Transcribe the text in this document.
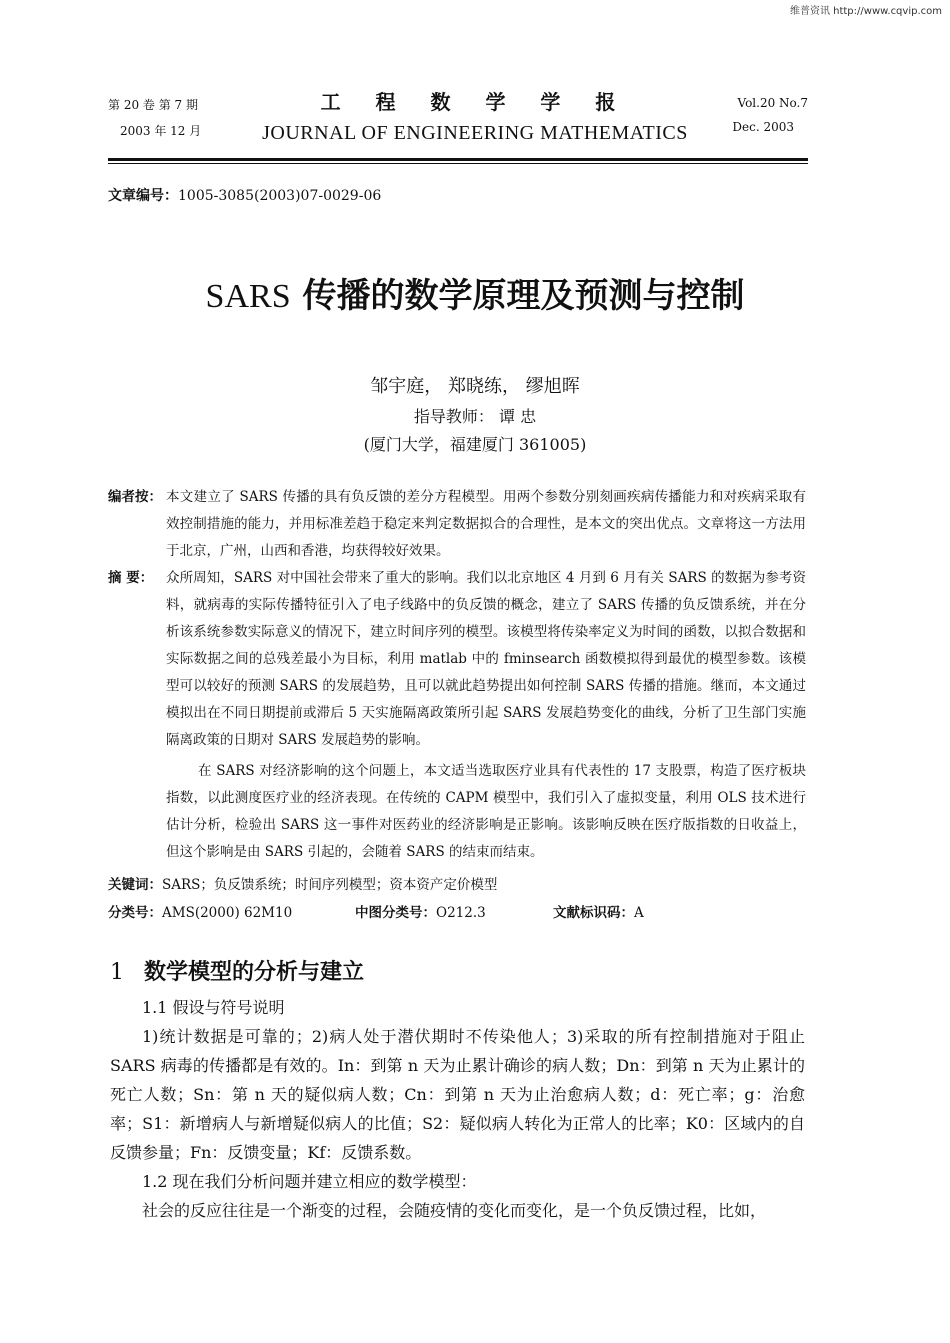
维普资讯 http://www.cqvip.com
第 20 卷 第 7 期
2003 年 12 月
工 程 数 学 学 报
JOURNAL OF ENGINEERING MATHEMATICS
Vol.20 No.7
Dec. 2003
文章编号：1005-3085(2003)07-0029-06
SARS 传播的数学原理及预测与控制
邹宇庭， 郑晓练， 缪旭晖
指导教师： 谭 忠
(厦门大学，福建厦门 361005)
编者按： 本文建立了 SARS 传播的具有负反馈的差分方程模型。用两个参数分别刻画疾病传播能力和对疾病采取有效控制措施的能力，并用标准差趋于稳定来判定数据拟合的合理性，是本文的突出优点。文章将这一方法用于北京，广州，山西和香港，均获得较好效果。
摘 要： 众所周知，SARS 对中国社会带来了重大的影响。我们以北京地区 4 月到 6 月有关 SARS 的数据为参考资料，就病毒的实际传播特征引入了电子线路中的负反馈的概念，建立了 SARS 传播的负反馈系统，并在分析该系统参数实际意义的情况下，建立时间序列的模型。该模型将传染率定义为时间的函数，以拟合数据和实际数据之间的总残差最小为目标，利用 matlab 中的 fminsearch 函数模拟得到最优的模型参数。该模型可以较好的预测 SARS 的发展趋势，且可以就此趋势提出如何控制 SARS 传播的措施。继而，本文通过模拟出在不同日期提前或滞后 5 天实施隔离政策所引起 SARS 发展趋势变化的曲线，分析了卫生部门实施隔离政策的日期对 SARS 发展趋势的影响。
在 SARS 对经济影响的这个问题上，本文适当选取医疗业具有代表性的 17 支股票，构造了医疗板块指数，以此测度医疗业的经济表现。在传统的 CAPM 模型中，我们引入了虚拟变量，利用 OLS 技术进行估计分析，检验出 SARS 这一事件对医药业的经济影响是正影响。该影响反映在医疗版指数的日收益上，但这个影响是由 SARS 引起的，会随着 SARS 的结束而结束。
关键词：SARS；负反馈系统；时间序列模型；资本资产定价模型
分类号：AMS(2000) 62M10	中图分类号：O212.3	文献标识码：A
1 数学模型的分析与建立
1.1 假设与符号说明
1)统计数据是可靠的；2)病人处于潜伏期时不传染他人；3)采取的所有控制措施对于阻止 SARS 病毒的传播都是有效的。In：到第 n 天为止累计确诊的病人数；Dn：到第 n 天为止累计的死亡人数；Sn：第 n 天的疑似病人数；Cn：到第 n 天为止治愈病人数；d：死亡率；g：治愈率；S1：新增病人与新增疑似病人的比值；S2：疑似病人转化为正常人的比率；K0：区域内的自反馈参量；Fn：反馈变量；Kf：反馈系数。
1.2 现在我们分析问题并建立相应的数学模型：
社会的反应往往是一个渐变的过程，会随疫情的变化而变化，是一个负反馈过程，比如，
